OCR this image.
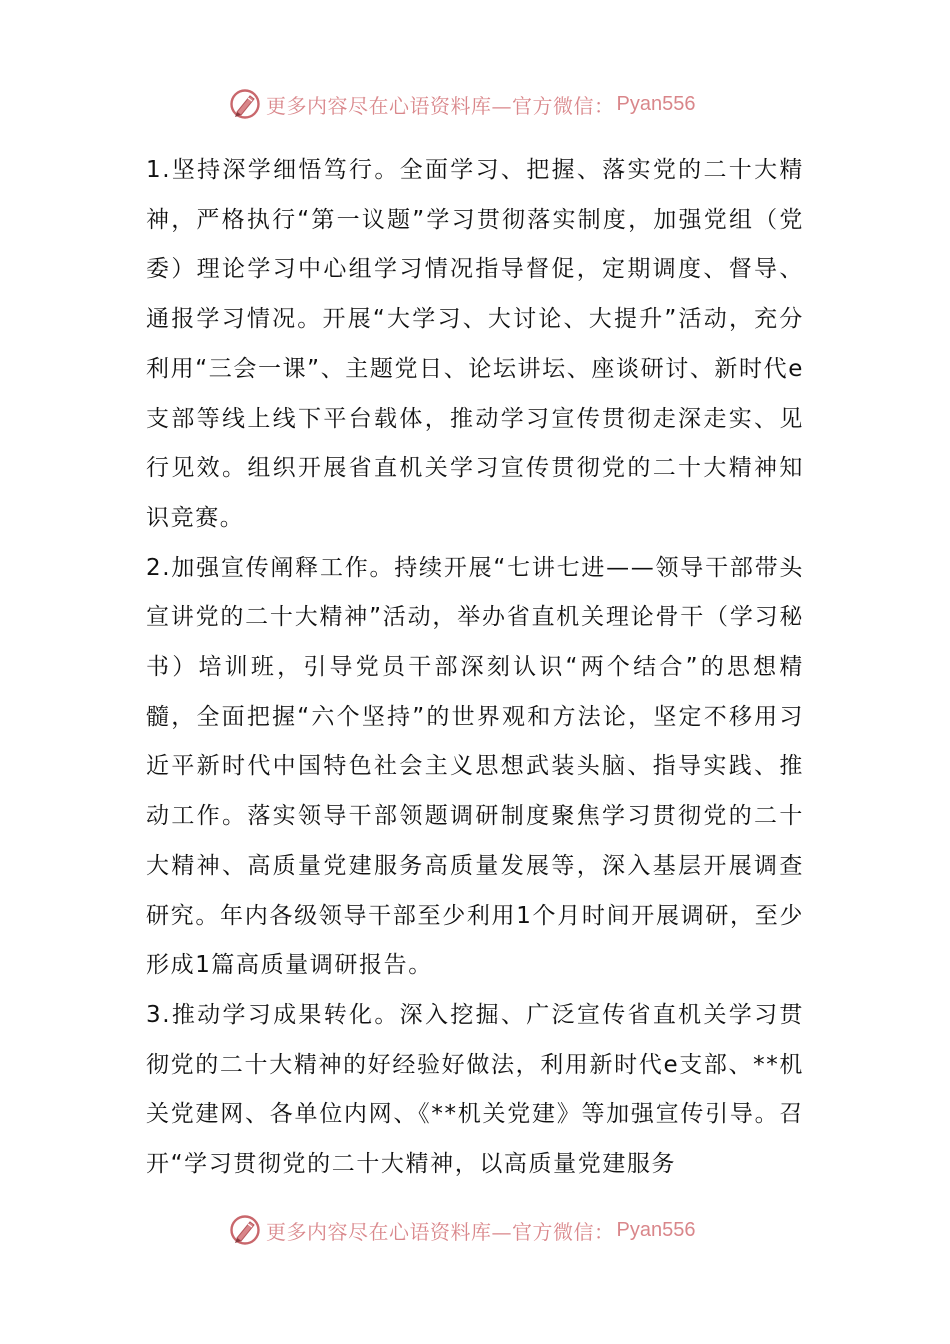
更多内容尽在心语资料库—官方微信： Pyan556

1.坚持深学细悟笃行。全面学习、把握、落实党的二十大精神，严格执行“第一议题”学习贯彻落实制度，加强党组（党委）理论学习中心组学习情况指导督促，定期调度、督导、通报学习情况。开展“大学习、大讨论、大提升”活动，充分利用“三会一课”、主题党日、论坛讲坛、座谈研讨、新时代e支部等线上线下平台载体，推动学习宣传贯彻走深走实、见行见效。组织开展省直机关学习宣传贯彻党的二十大精神知识竞赛。

2.加强宣传阐释工作。持续开展“七讲七进——领导干部带头宣讲党的二十大精神”活动，举办省直机关理论骨干（学习秘书）培训班，引导党员干部深刻认识“两个结合”的思想精髓，全面把握“六个坚持”的世界观和方法论，坚定不移用习近平新时代中国特色社会主义思想武装头脑、指导实践、推动工作。落实领导干部领题调研制度聚焦学习贯彻党的二十大精神、高质量党建服务高质量发展等，深入基层开展调查研究。年内各级领导干部至少利用1个月时间开展调研，至少形成1篇高质量调研报告。

3.推动学习成果转化。深入挖掘、广泛宣传省直机关学习贯彻党的二十大精神的好经验好做法，利用新时代e支部、**机关党建网、各单位内网、《**机关党建》等加强宣传引导。召开“学习贯彻党的二十大精神，以高质量党建服务

更多内容尽在心语资料库—官方微信： Pyan556
